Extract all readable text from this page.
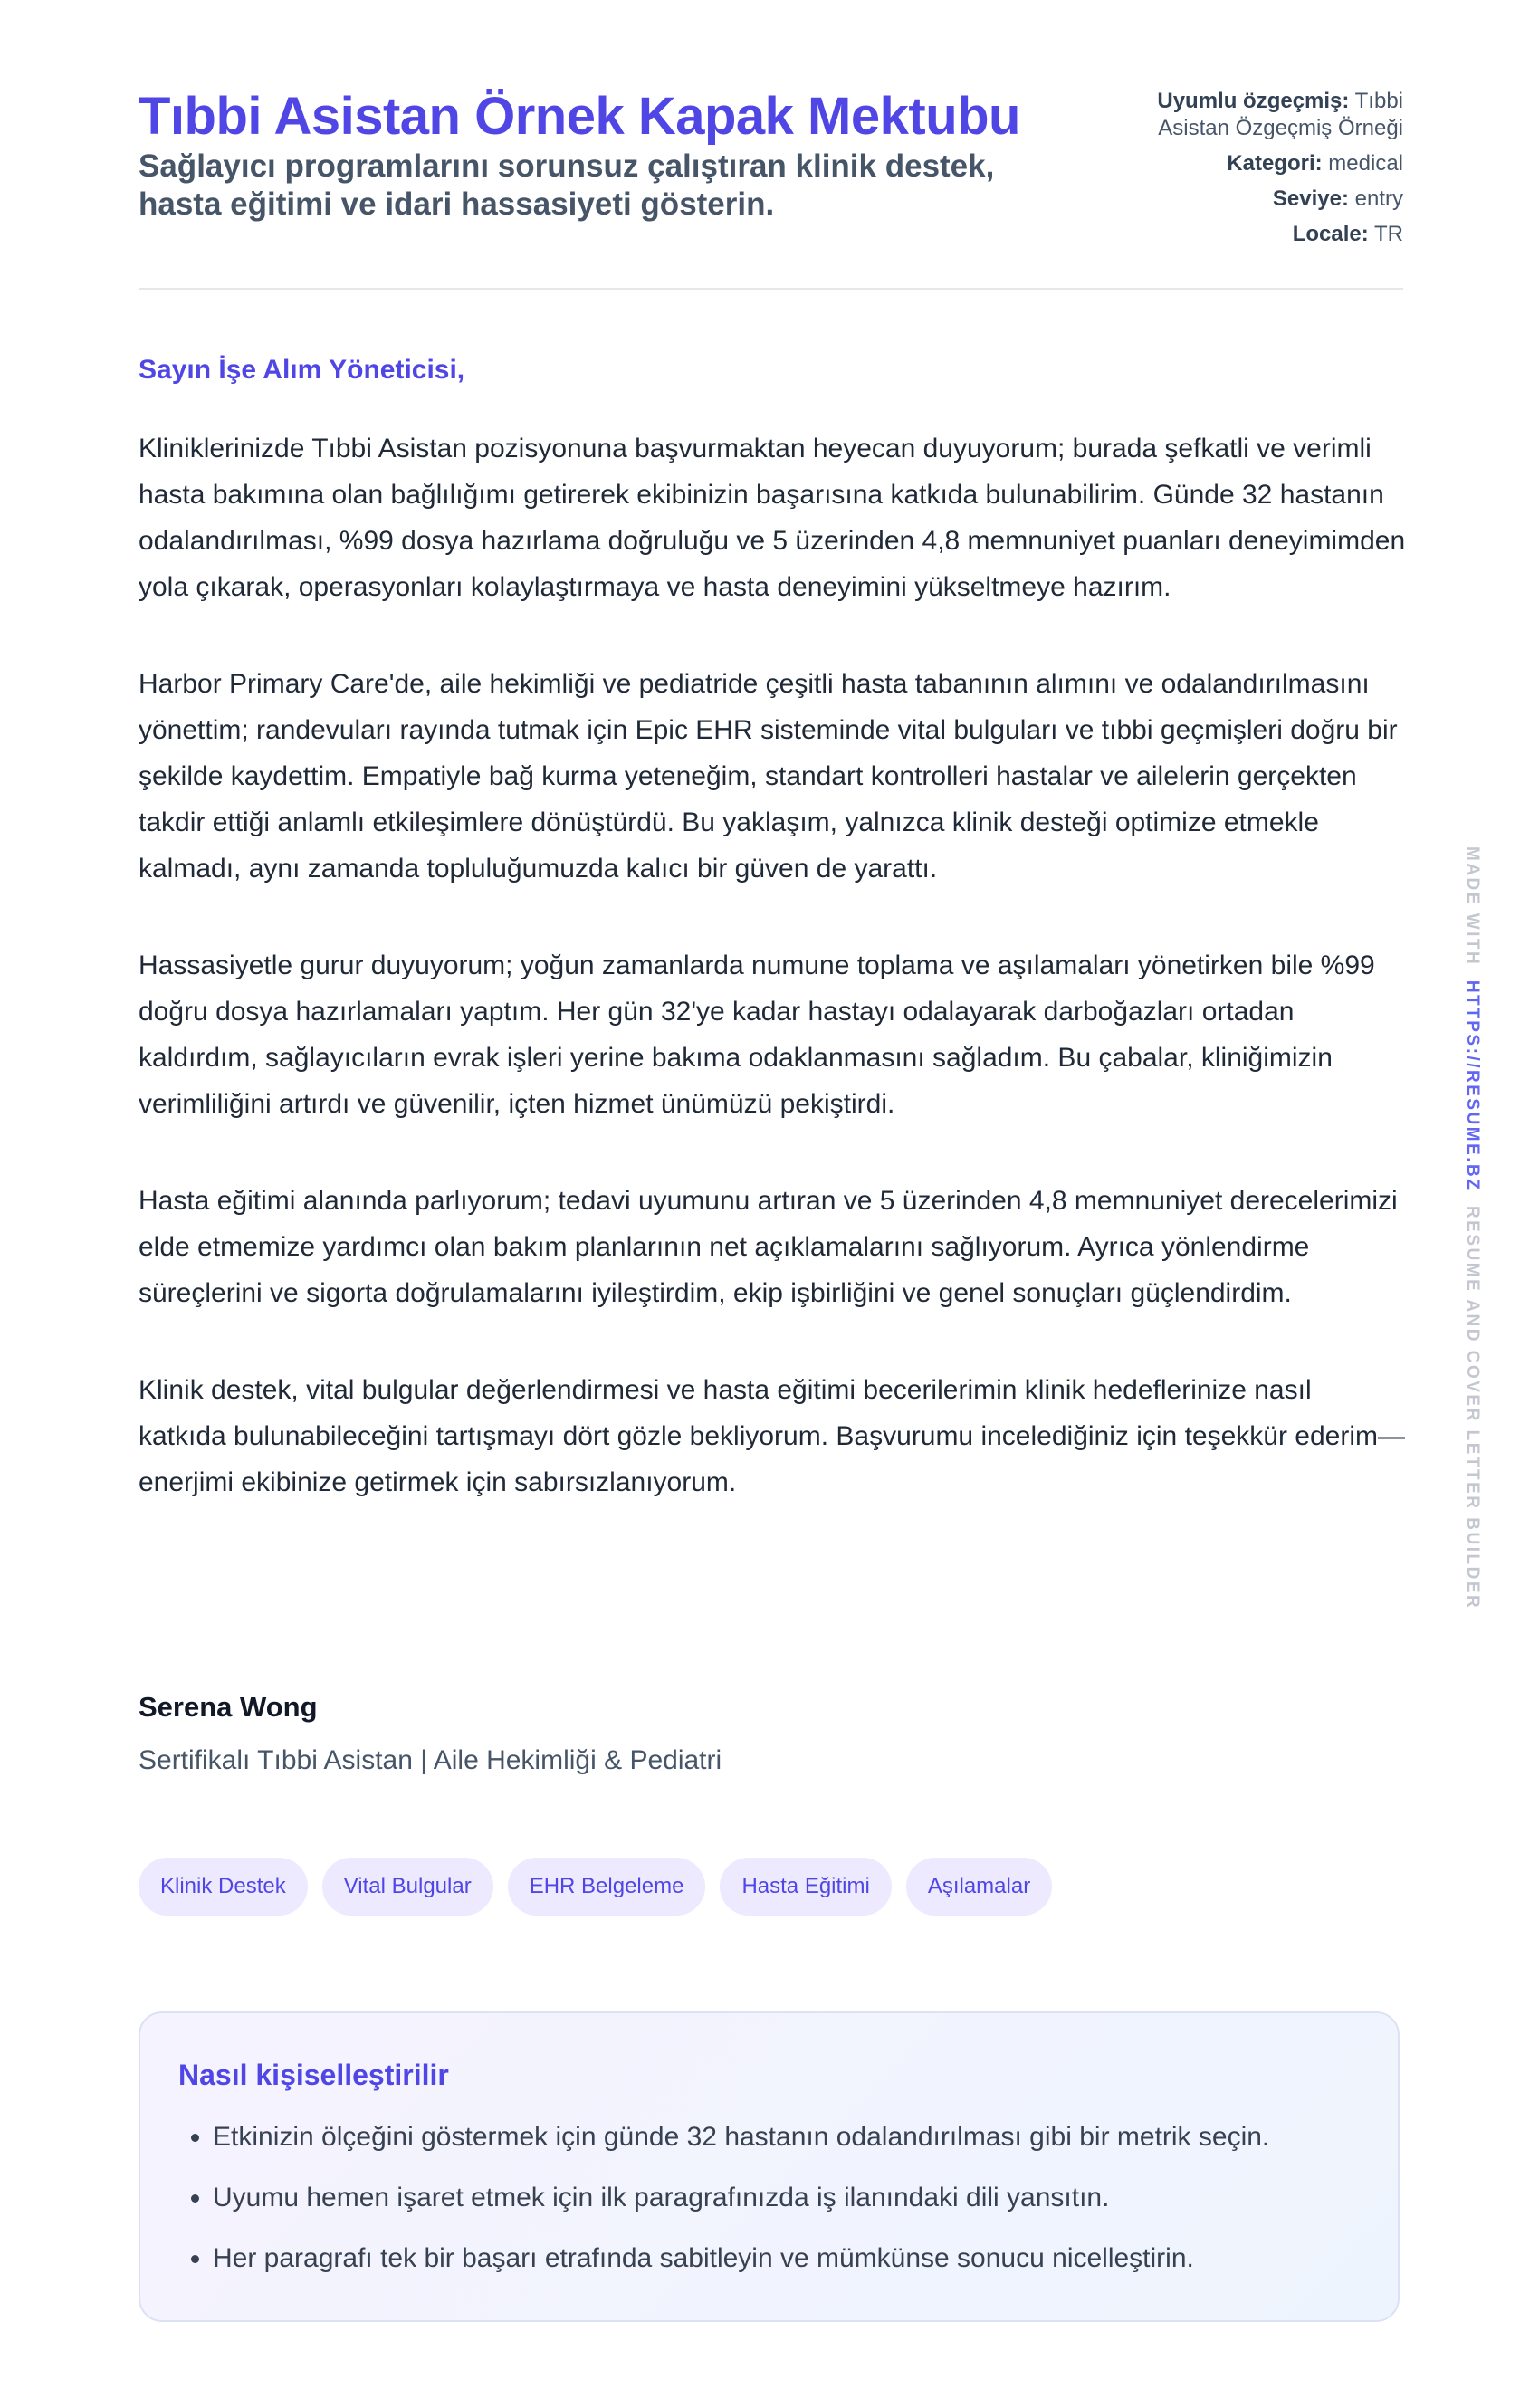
Tıbbi Asistan Örnek Kapak Mektubu
Sağlayıcı programlarını sorunsuz çalıştıran klinik destek, hasta eğitimi ve idari hassasiyeti gösterin.
Uyumlu özgeçmiş: Tıbbi Asistan Özgeçmiş Örneği
Kategori: medical
Seviye: entry
Locale: TR
Sayın İşe Alım Yöneticisi,

Kliniklerinizde Tıbbi Asistan pozisyonuna başvurmaktan heyecan duyuyorum; burada şefkatli ve verimli hasta bakımına olan bağlılığımı getirerek ekibinizin başarısına katkıda bulunabilirim. Günde 32 hastanın odalandırılması, %99 dosya hazırlama doğruluğu ve 5 üzerinden 4,8 memnuniyet puanları deneyimimden yola çıkarak, operasyonları kolaylaştırmaya ve hasta deneyimini yükseltmeye hazırım.

Harbor Primary Care'de, aile hekimliği ve pediatride çeşitli hasta tabanının alımını ve odalandırılmasını yönettim; randevuları rayında tutmak için Epic EHR sisteminde vital bulguları ve tıbbi geçmişleri doğru bir şekilde kaydettim. Empatiyle bağ kurma yeteneğim, standart kontrolleri hastalar ve ailelerin gerçekten takdir ettiği anlamlı etkileşimlere dönüştürdü. Bu yaklaşım, yalnızca klinik desteği optimize etmekle kalmadı, aynı zamanda topluluğumuzda kalıcı bir güven de yarattı.

Hassasiyetle gurur duyuyorum; yoğun zamanlarda numune toplama ve aşılamaları yönetirken bile %99 doğru dosya hazırlamaları yaptım. Her gün 32'ye kadar hastayı odalayarak darboğazları ortadan kaldırdım, sağlayıcıların evrak işleri yerine bakıma odaklanmasını sağladım. Bu çabalar, kliniğimizin verimliliğini artırdı ve güvenilir, içten hizmet ünümüzü pekiştirdi.

Hasta eğitimi alanında parlıyorum; tedavi uyumunu artıran ve 5 üzerinden 4,8 memnuniyet derecelerimizi elde etmemize yardımcı olan bakım planlarının net açıklamalarını sağlıyorum. Ayrıca yönlendirme süreçlerini ve sigorta doğrulamalarını iyileştirdim, ekip işbirliğini ve genel sonuçları güçlendirdim.

Klinik destek, vital bulgular değerlendirmesi ve hasta eğitimi becerilerimin klinik hedeflerinize nasıl katkıda bulunabileceğini tartışmayı dört gözle bekliyorum. Başvurumu incelediğiniz için teşekkür ederim—enerjimi ekibinize getirmek için sabırsızlanıyorum.

Serena Wong
Sertifikalı Tıbbi Asistan | Aile Hekimliği & Pediatri
Klinik Destek	Vital Bulgular	EHR Belgeleme	Hasta Eğitimi	Aşılamalar
Nasıl kişiselleştirilir
• Etkinizin ölçeğini göstermek için günde 32 hastanın odalandırılması gibi bir metrik seçin.
• Uyumu hemen işaret etmek için ilk paragrafınızda iş ilanındaki dili yansıtın.
• Her paragrafı tek bir başarı etrafında sabitleyin ve mümkünse sonucu nicelleştirin.
MADE WITH  HTTPS://RESUME.BZ  RESUME AND COVER LETTER BUILDER
